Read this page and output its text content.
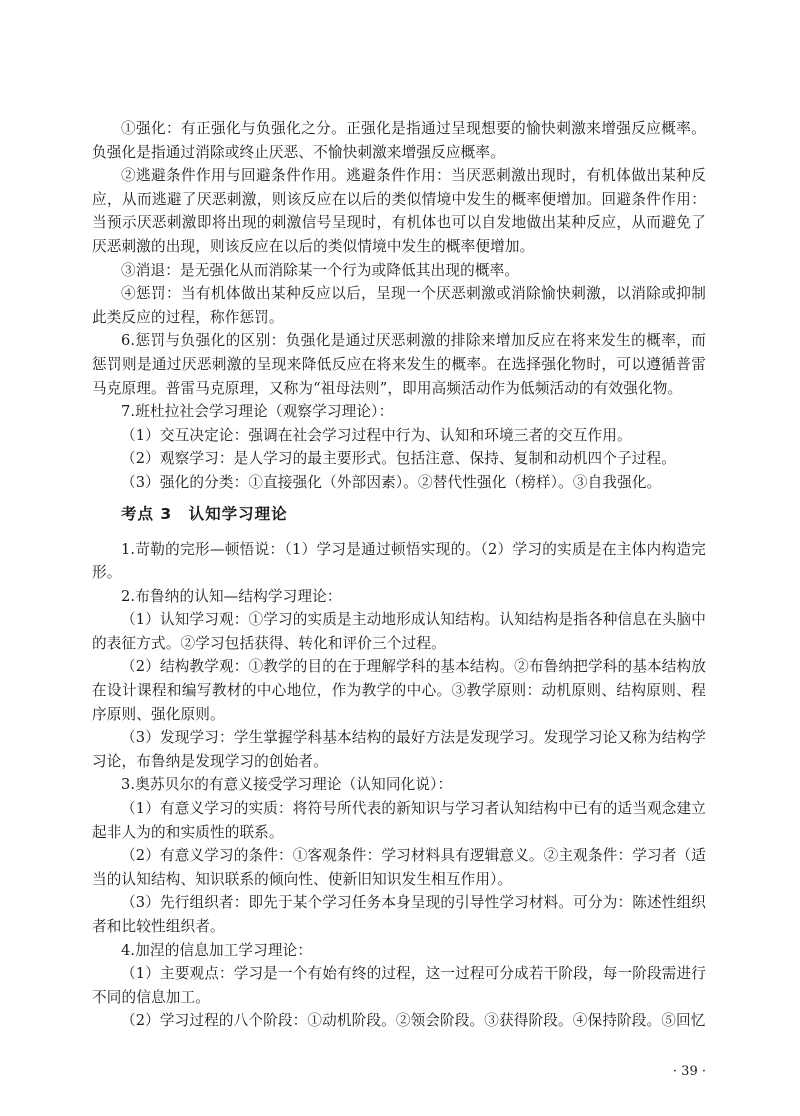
①强化：有正强化与负强化之分。正强化是指通过呈现想要的愉快刺激来增强反应概率。负强化是指通过消除或终止厌恶、不愉快刺激来增强反应概率。

②逃避条件作用与回避条件作用。逃避条件作用：当厌恶刺激出现时，有机体做出某种反应，从而逃避了厌恶刺激，则该反应在以后的类似情境中发生的概率便增加。回避条件作用：当预示厌恶刺激即将出现的刺激信号呈现时，有机体也可以自发地做出某种反应，从而避免了厌恶刺激的出现，则该反应在以后的类似情境中发生的概率便增加。

③消退：是无强化从而消除某一个行为或降低其出现的概率。

④惩罚：当有机体做出某种反应以后，呈现一个厌恶刺激或消除愉快刺激，以消除或抑制此类反应的过程，称作惩罚。

6.惩罚与负强化的区别：负强化是通过厌恶刺激的排除来增加反应在将来发生的概率，而惩罚则是通过厌恶刺激的呈现来降低反应在将来发生的概率。在选择强化物时，可以遵循普雷马克原理。普雷马克原理，又称为“祖母法则”，即用高频活动作为低频活动的有效强化物。

7.班杜拉社会学习理论（观察学习理论）：

（1）交互决定论：强调在社会学习过程中行为、认知和环境三者的交互作用。

（2）观察学习：是人学习的最主要形式。包括注意、保持、复制和动机四个子过程。

（3）强化的分类：①直接强化（外部因素）。②替代性强化（榜样）。③自我强化。

考点 3　认知学习理论

1.苛勒的完形—顿悟说：（1）学习是通过顿悟实现的。（2）学习的实质是在主体内构造完形。

2.布鲁纳的认知—结构学习理论：

（1）认知学习观：①学习的实质是主动地形成认知结构。认知结构是指各种信息在头脑中的表征方式。②学习包括获得、转化和评价三个过程。

（2）结构教学观：①教学的目的在于理解学科的基本结构。②布鲁纳把学科的基本结构放在设计课程和编写教材的中心地位，作为教学的中心。③教学原则：动机原则、结构原则、程序原则、强化原则。

（3）发现学习：学生掌握学科基本结构的最好方法是发现学习。发现学习论又称为结构学习论，布鲁纳是发现学习的创始者。

3.奥苏贝尔的有意义接受学习理论（认知同化说）：

（1）有意义学习的实质：将符号所代表的新知识与学习者认知结构中已有的适当观念建立起非人为的和实质性的联系。

（2）有意义学习的条件：①客观条件：学习材料具有逻辑意义。②主观条件：学习者（适当的认知结构、知识联系的倾向性、使新旧知识发生相互作用）。

（3）先行组织者：即先于某个学习任务本身呈现的引导性学习材料。可分为：陈述性组织者和比较性组织者。

4.加涅的信息加工学习理论：

（1）主要观点：学习是一个有始有终的过程，这一过程可分成若干阶段，每一阶段需进行不同的信息加工。

（2）学习过程的八个阶段：①动机阶段。②领会阶段。③获得阶段。④保持阶段。⑤回忆

· 39 ·
